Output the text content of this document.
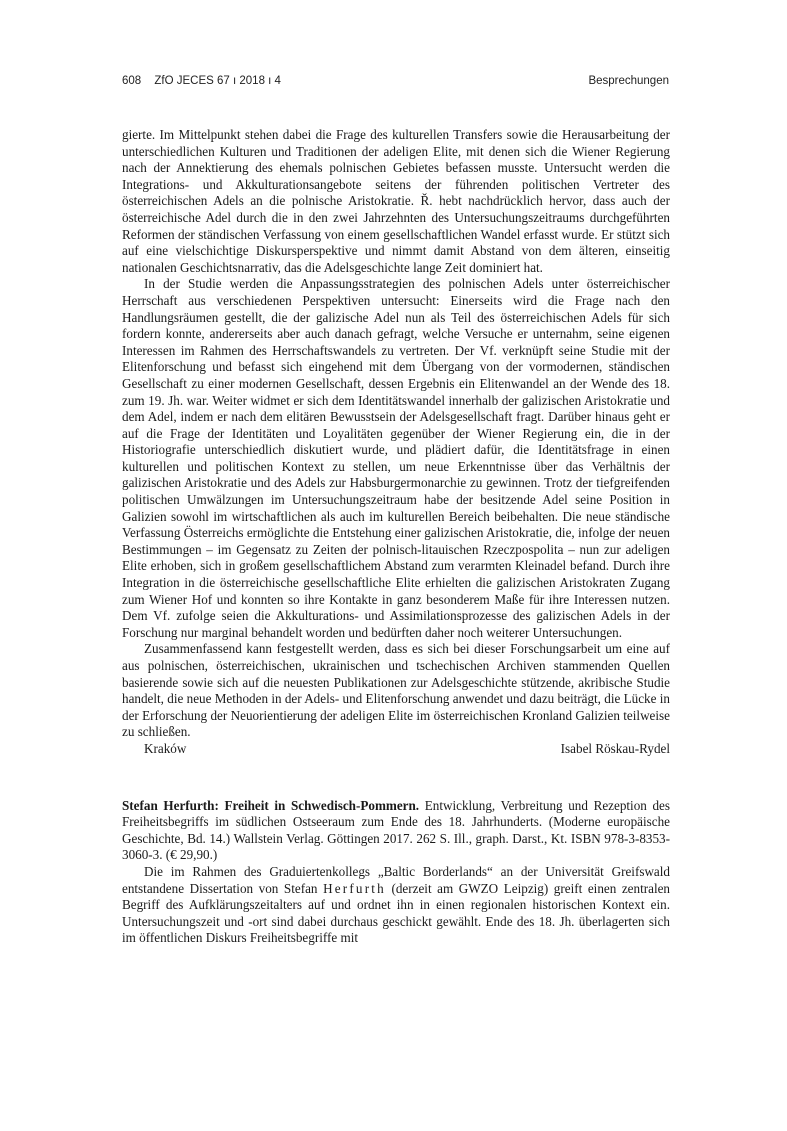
608 ZfO JECES 67 ı 2018 ı 4	Besprechungen

gierte. Im Mittelpunkt stehen dabei die Frage des kulturellen Transfers sowie die Herausarbeitung der unterschiedlichen Kulturen und Traditionen der adeligen Elite, mit denen sich die Wiener Regierung nach der Annektierung des ehemals polnischen Gebietes befassen musste. Untersucht werden die Integrations- und Akkulturationsangebote seitens der führenden politischen Vertreter des österreichischen Adels an die polnische Aristokratie. Ř. hebt nachdrücklich hervor, dass auch der österreichische Adel durch die in den zwei Jahrzehnten des Untersuchungszeitraums durchgeführten Reformen der ständischen Verfassung von einem gesellschaftlichen Wandel erfasst wurde. Er stützt sich auf eine vielschichtige Diskursperspektive und nimmt damit Abstand von dem älteren, einseitig nationalen Geschichtsnarrativ, das die Adelsgeschichte lange Zeit dominiert hat.

In der Studie werden die Anpassungsstrategien des polnischen Adels unter österreichischer Herrschaft aus verschiedenen Perspektiven untersucht: Einerseits wird die Frage nach den Handlungsräumen gestellt, die der galizische Adel nun als Teil des österreichischen Adels für sich fordern konnte, andererseits aber auch danach gefragt, welche Versuche er unternahm, seine eigenen Interessen im Rahmen des Herrschaftswandels zu vertreten. Der Vf. verknüpft seine Studie mit der Elitenforschung und befasst sich eingehend mit dem Übergang von der vormodernen, ständischen Gesellschaft zu einer modernen Gesellschaft, dessen Ergebnis ein Elitenwandel an der Wende des 18. zum 19. Jh. war. Weiter widmet er sich dem Identitätswandel innerhalb der galizischen Aristokratie und dem Adel, indem er nach dem elitären Bewusstsein der Adelsgesellschaft fragt. Darüber hinaus geht er auf die Frage der Identitäten und Loyalitäten gegenüber der Wiener Regierung ein, die in der Historiografie unterschiedlich diskutiert wurde, und plädiert dafür, die Identitätsfrage in einen kulturellen und politischen Kontext zu stellen, um neue Erkenntnisse über das Verhältnis der galizischen Aristokratie und des Adels zur Habsburgermonarchie zu gewinnen. Trotz der tiefgreifenden politischen Umwälzungen im Untersuchungszeitraum habe der besitzende Adel seine Position in Galizien sowohl im wirtschaftlichen als auch im kulturellen Bereich beibehalten. Die neue ständische Verfassung Österreichs ermöglichte die Entstehung einer galizischen Aristokratie, die, infolge der neuen Bestimmungen – im Gegensatz zu Zeiten der polnisch-litauischen Rzeczpospolita – nun zur adeligen Elite erhoben, sich in großem gesellschaftlichem Abstand zum verarmten Kleinadel befand. Durch ihre Integration in die österreichische gesellschaftliche Elite erhielten die galizischen Aristokraten Zugang zum Wiener Hof und konnten so ihre Kontakte in ganz besonderem Maße für ihre Interessen nutzen. Dem Vf. zufolge seien die Akkulturations- und Assimilationsprozesse des galizischen Adels in der Forschung nur marginal behandelt worden und bedürften daher noch weiterer Untersuchungen.

Zusammenfassend kann festgestellt werden, dass es sich bei dieser Forschungsarbeit um eine auf aus polnischen, österreichischen, ukrainischen und tschechischen Archiven stammenden Quellen basierende sowie sich auf die neuesten Publikationen zur Adelsgeschichte stützende, akribische Studie handelt, die neue Methoden in der Adels- und Elitenforschung anwendet und dazu beiträgt, die Lücke in der Erforschung der Neuorientierung der adeligen Elite im österreichischen Kronland Galizien teilweise zu schließen.

Kraków	Isabel Röskau-Rydel

Stefan Herfurth: Freiheit in Schwedisch-Pommern. Entwicklung, Verbreitung und Rezeption des Freiheitsbegriffs im südlichen Ostseeraum zum Ende des 18. Jahrhunderts. (Moderne europäische Geschichte, Bd. 14.) Wallstein Verlag. Göttingen 2017. 262 S. Ill., graph. Darst., Kt. ISBN 978-3-8353-3060-3. (€ 29,90.)

Die im Rahmen des Graduiertenkollegs „Baltic Borderlands“ an der Universität Greifswald entstandene Dissertation von Stefan Herfurth (derzeit am GWZO Leipzig) greift einen zentralen Begriff des Aufklärungszeitalters auf und ordnet ihn in einen regionalen historischen Kontext ein. Untersuchungszeit und -ort sind dabei durchaus geschickt gewählt. Ende des 18. Jh. überlagerten sich im öffentlichen Diskurs Freiheitsbegriffe mit
